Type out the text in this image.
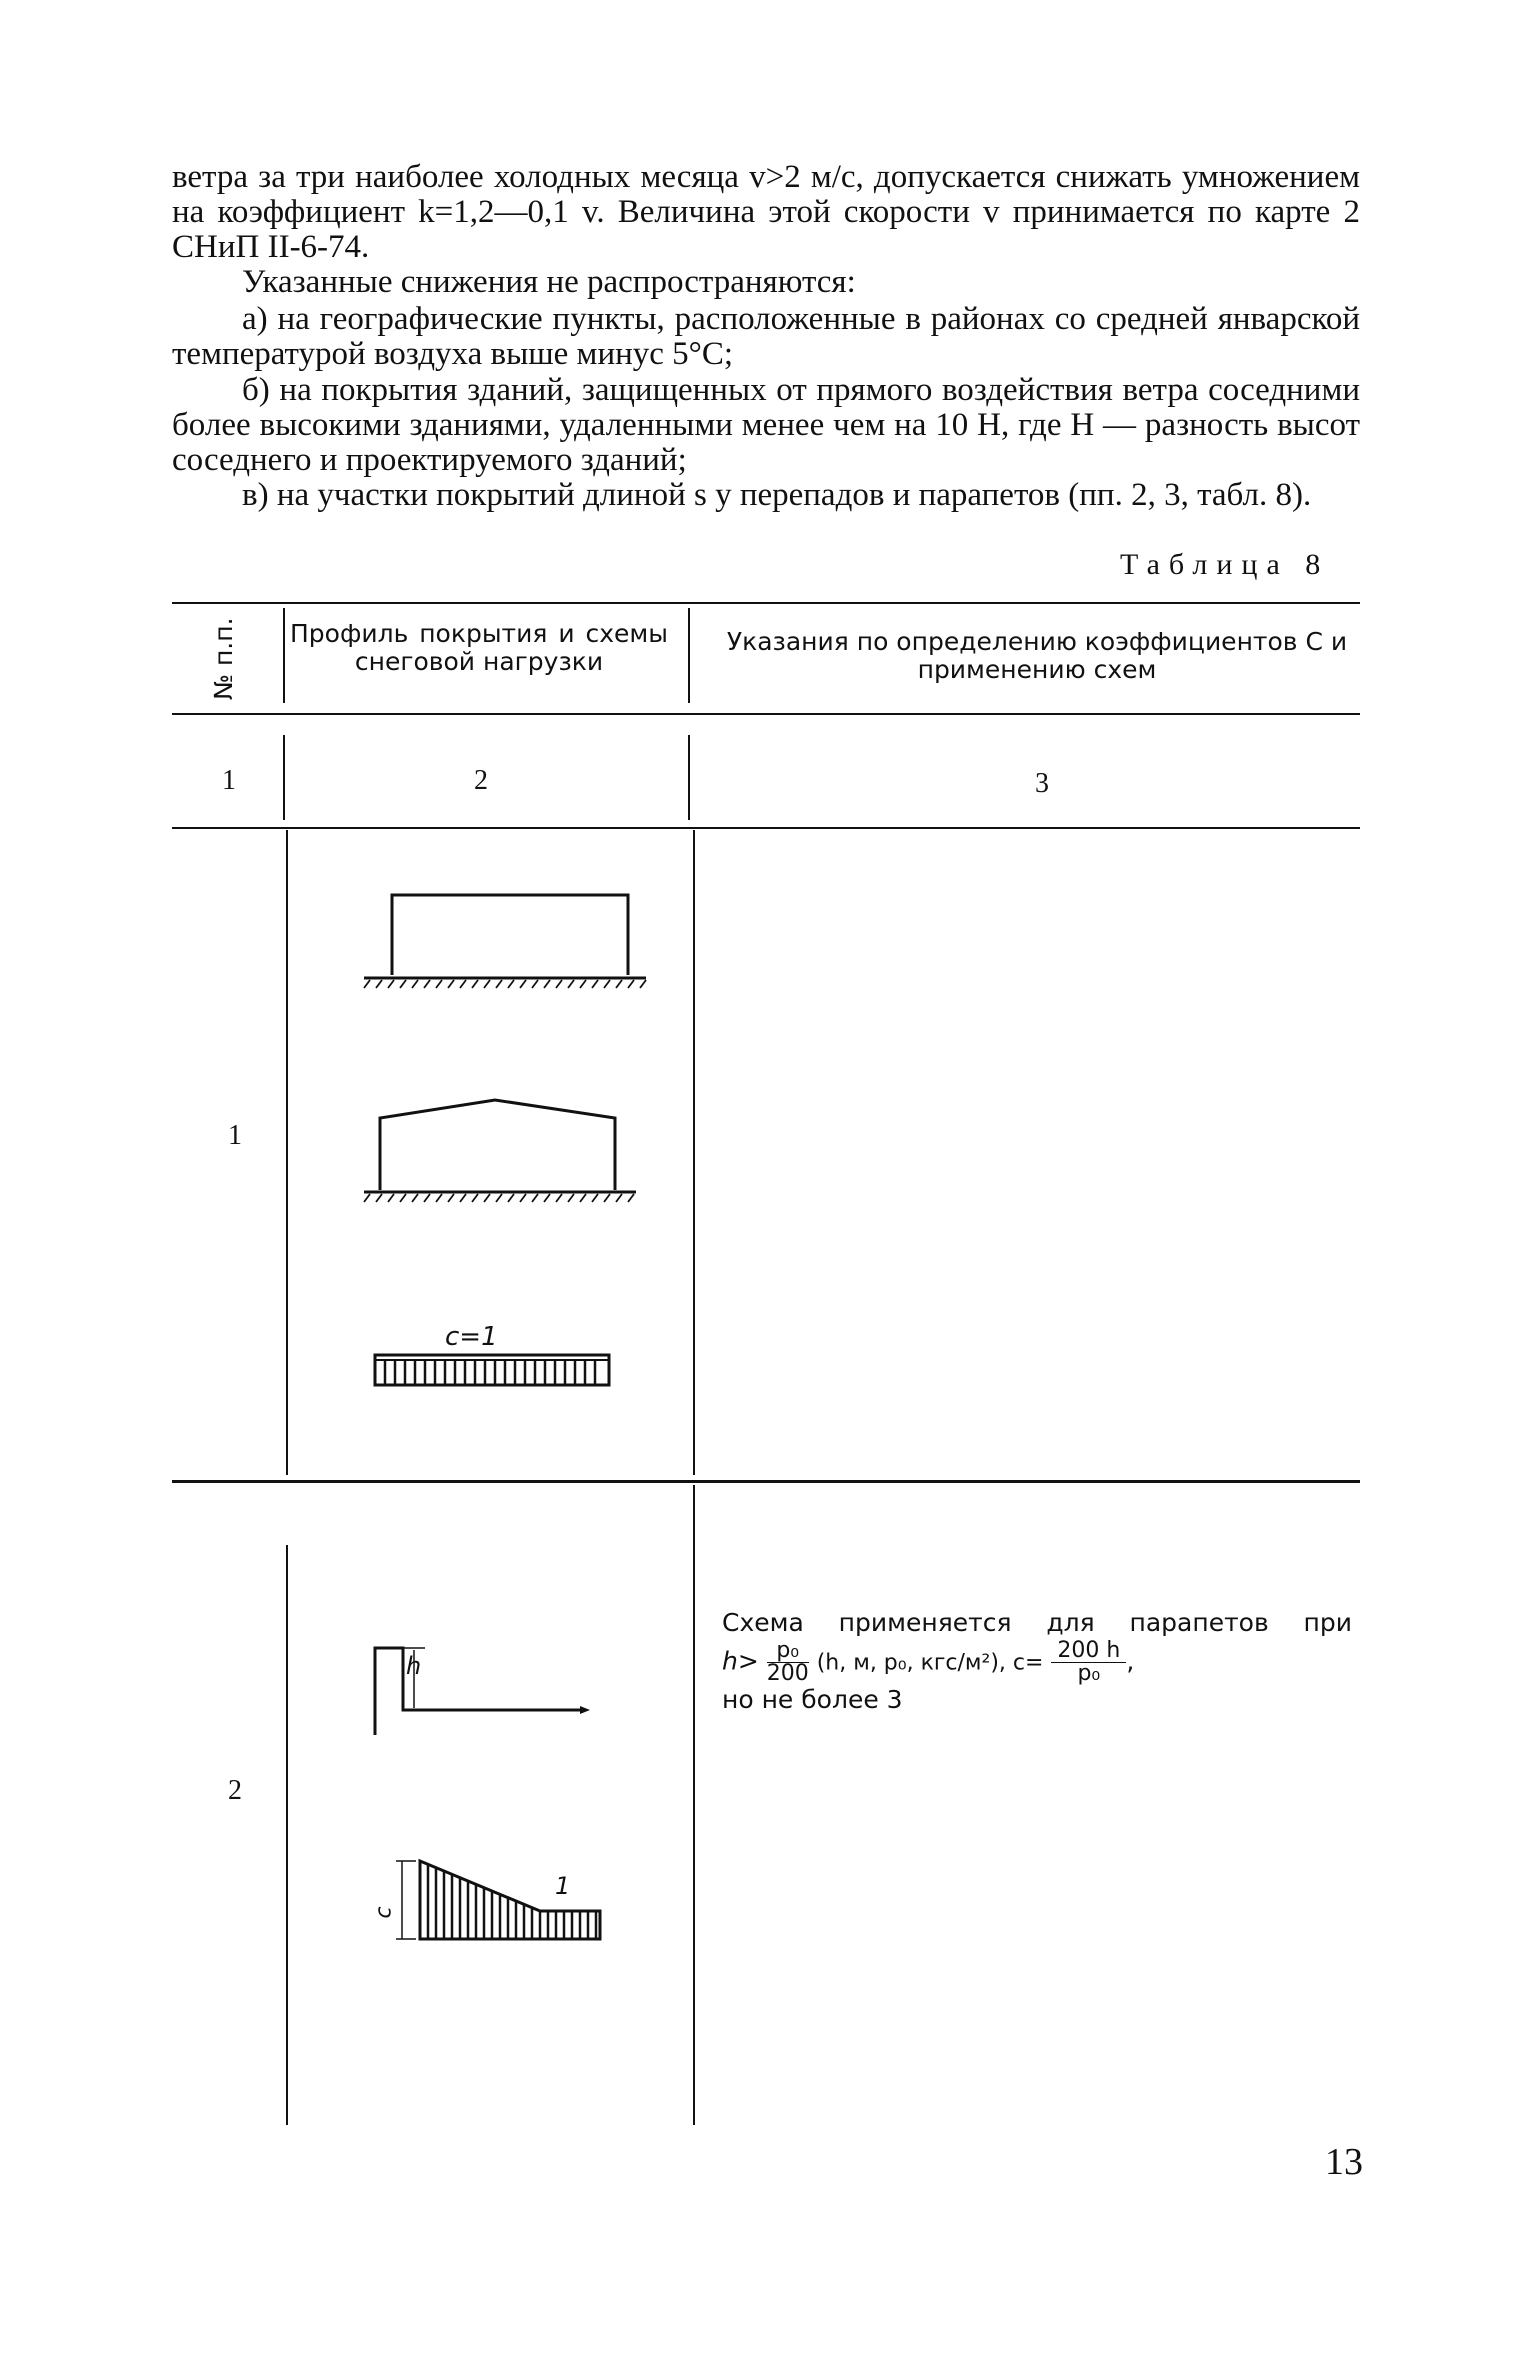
ветра за три наиболее холодных месяца v>2 м/с, допускается снижать умножением на коэффициент k=1,2—0,1 v. Величина этой скорости v принимается по карте 2 СНиП II-6-74.

Указанные снижения не распространяются:

а) на географические пункты, расположенные в районах со средней январской температурой воздуха выше минус 5°С;

б) на покрытия зданий, защищенных от прямого воздействия ветра соседними более высокими зданиями, удаленными менее чем на 10 H, где H — разность высот соседнего и проектируемого зданий;

в) на участки покрытий длиной s у перепадов и парапетов (пп. 2, 3, табл. 8).

Таблица 8

№ п.п. Профиль покрытия и схемы снеговой нагрузки

Указания по определению коэффициентов C и применению схем

1	2	3

1

c=1

2

h
c
1
Схема применяется для парапетов при
$h> \frac{\text{p₀}}{200} (h$, м, p₀, кгс/м²), $c= \frac{200 h}{\text{p₀}}$ ,
но не более 3

13
